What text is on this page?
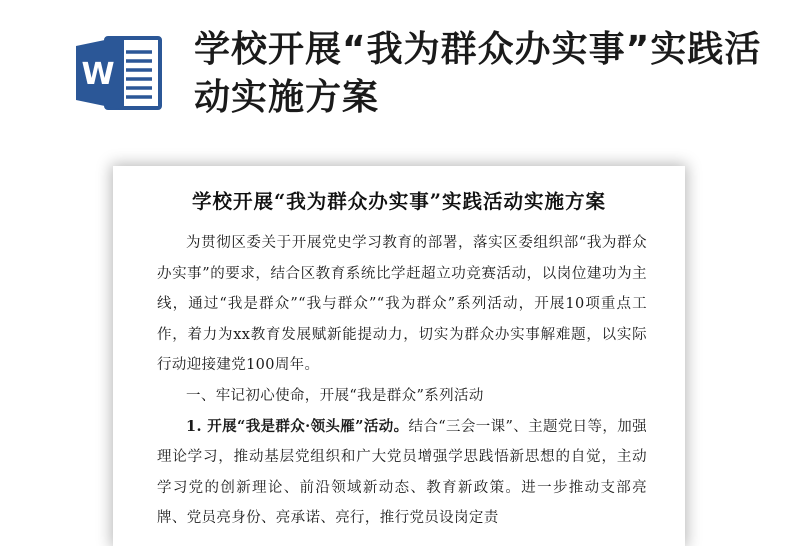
W
学校开展“我为群众办实事”实践活动实施方案
学校开展“我为群众办实事”实践活动实施方案

为贯彻区委关于开展党史学习教育的部署，落实区委组织部“我为群众办实事”的要求，结合区教育系统比学赶超立功竞赛活动，以岗位建功为主线，通过“我是群众”“我与群众”“我为群众”系列活动，开展10项重点工作，着力为xx教育发展赋新能提动力，切实为群众办实事解难题，以实际行动迎接建党100周年。

一、牢记初心使命，开展“我是群众”系列活动

1. 开展“我是群众·领头雁”活动。结合“三会一课”、主题党日等，加强理论学习，推动基层党组织和广大党员增强学思践悟新思想的自觉，主动学习党的创新理论、前沿领域新动态、教育新政策。进一步推动支部亮牌、党员亮身份、亮承诺、亮行，推行党员设岗定责
